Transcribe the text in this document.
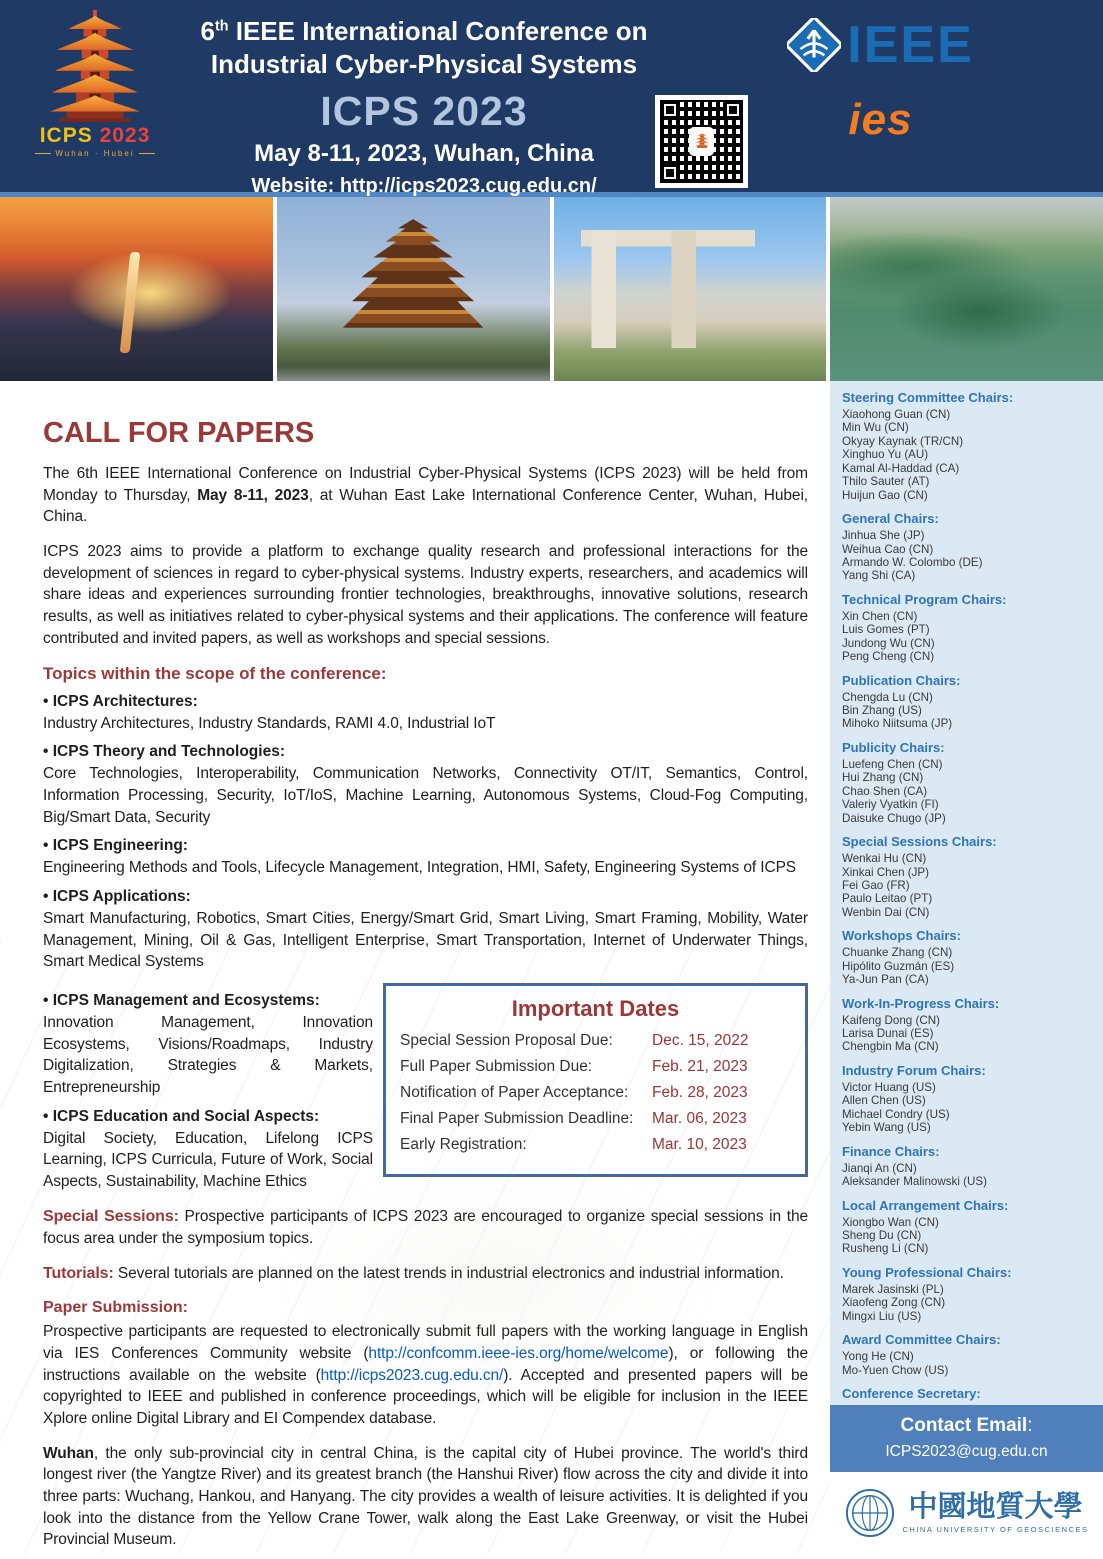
ICPS 2023
Wuhan · Hubei
6th IEEE International Conference on
Industrial Cyber-Physical Systems
ICPS 2023
May 8-11, 2023, Wuhan, China
Website: http://icps2023.cug.edu.cn/
IEEE
ies
CALL FOR PAPERS

The 6th IEEE International Conference on Industrial Cyber-Physical Systems (ICPS 2023) will be held from Monday to Thursday, May 8-11, 2023, at Wuhan East Lake International Conference Center, Wuhan, Hubei, China.

ICPS 2023 aims to provide a platform to exchange quality research and professional interactions for the development of sciences in regard to cyber-physical systems. Industry experts, researchers, and academics will share ideas and experiences surrounding frontier technologies, breakthroughs, innovative solutions, research results, as well as initiatives related to cyber-physical systems and their applications. The conference will feature contributed and invited papers, as well as workshops and special sessions.

Topics within the scope of the conference:
• ICPS Architectures:
Industry Architectures, Industry Standards, RAMI 4.0, Industrial IoT
• ICPS Theory and Technologies:
Core Technologies, Interoperability, Communication Networks, Connectivity OT/IT, Semantics, Control, Information Processing, Security, IoT/IoS, Machine Learning, Autonomous Systems, Cloud-Fog Computing, Big/Smart Data, Security
• ICPS Engineering:
Engineering Methods and Tools, Lifecycle Management, Integration, HMI, Safety, Engineering Systems of ICPS
• ICPS Applications:
Smart Manufacturing, Robotics, Smart Cities, Energy/Smart Grid, Smart Living, Smart Framing, Mobility, Water Management, Mining, Oil & Gas, Intelligent Enterprise, Smart Transportation, Internet of Underwater Things, Smart Medical Systems
• ICPS Management and Ecosystems:
Innovation Management, Innovation Ecosystems, Visions/Roadmaps, Industry Digitalization, Strategies & Markets, Entrepreneurship
• ICPS Education and Social Aspects:
Digital Society, Education, Lifelong ICPS Learning, ICPS Curricula, Future of Work, Social Aspects, Sustainability, Machine Ethics
Important Dates
Special Session Proposal Due:	Dec. 15, 2022
Full Paper Submission Due:	Feb. 21, 2023
Notification of Paper Acceptance:	Feb. 28, 2023
Final Paper Submission Deadline:	Mar. 06, 2023
Early Registration:	Mar. 10, 2023

Special Sessions: Prospective participants of ICPS 2023 are encouraged to organize special sessions in the focus area under the symposium topics.

Tutorials: Several tutorials are planned on the latest trends in industrial electronics and industrial information.

Paper Submission:

Prospective participants are requested to electronically submit full papers with the working language in English via IES Conferences Community website (http://confcomm.ieee-ies.org/home/welcome), or following the instructions available on the website (http://icps2023.cug.edu.cn/). Accepted and presented papers will be copyrighted to IEEE and published in conference proceedings, which will be eligible for inclusion in the IEEE Xplore online Digital Library and EI Compendex database.

Wuhan, the only sub-provincial city in central China, is the capital city of Hubei province. The world's third longest river (the Yangtze River) and its greatest branch (the Hanshui River) flow across the city and divide it into three parts: Wuchang, Hankou, and Hanyang. The city provides a wealth of leisure activities. It is delighted if you look into the distance from the Yellow Crane Tower, walk along the East Lake Greenway, or visit the Hubei Provincial Museum.

Steering Committee Chairs:
Xiaohong Guan (CN)
Min Wu (CN)
Okyay Kaynak (TR/CN)
Xinghuo Yu (AU)
Kamal Al-Haddad (CA)
Thilo Sauter (AT)
Huijun Gao (CN)
General Chairs:
Jinhua She (JP)
Weihua Cao (CN)
Armando W. Colombo (DE)
Yang Shi (CA)
Technical Program Chairs:
Xin Chen (CN)
Luis Gomes (PT)
Jundong Wu (CN)
Peng Cheng (CN)
Publication Chairs:
Chengda Lu (CN)
Bin Zhang (US)
Mihoko Niitsuma (JP)
Publicity Chairs:
Luefeng Chen (CN)
Hui Zhang (CN)
Chao Shen (CA)
Valeriy Vyatkin (FI)
Daisuke Chugo (JP)
Special Sessions Chairs:
Wenkai Hu (CN)
Xinkai Chen (JP)
Fei Gao (FR)
Paulo Leitao (PT)
Wenbin Dai (CN)
Workshops Chairs:
Chuanke Zhang (CN)
Hipólito Guzmán (ES)
Ya-Jun Pan (CA)
Work-In-Progress Chairs:
Kaifeng Dong (CN)
Larisa Dunai (ES)
Chengbin Ma (CN)
Industry Forum Chairs:
Victor Huang (US)
Allen Chen (US)
Michael Condry (US)
Yebin Wang (US)
Finance Chairs:
Jianqi An (CN)
Aleksander Malinowski (US)
Local Arrangement Chairs:
Xiongbo Wan (CN)
Sheng Du (CN)
Rusheng Li (CN)
Young Professional Chairs:
Marek Jasinski (PL)
Xiaofeng Zong (CN)
Mingxi Liu (US)
Award Committee Chairs:
Yong He (CN)
Mo-Yuen Chow (US)
Conference Secretary:
Contact Email:
ICPS2023@cug.edu.cn
中國地質大學
CHINA UNIVERSITY OF GEOSCIENCES
